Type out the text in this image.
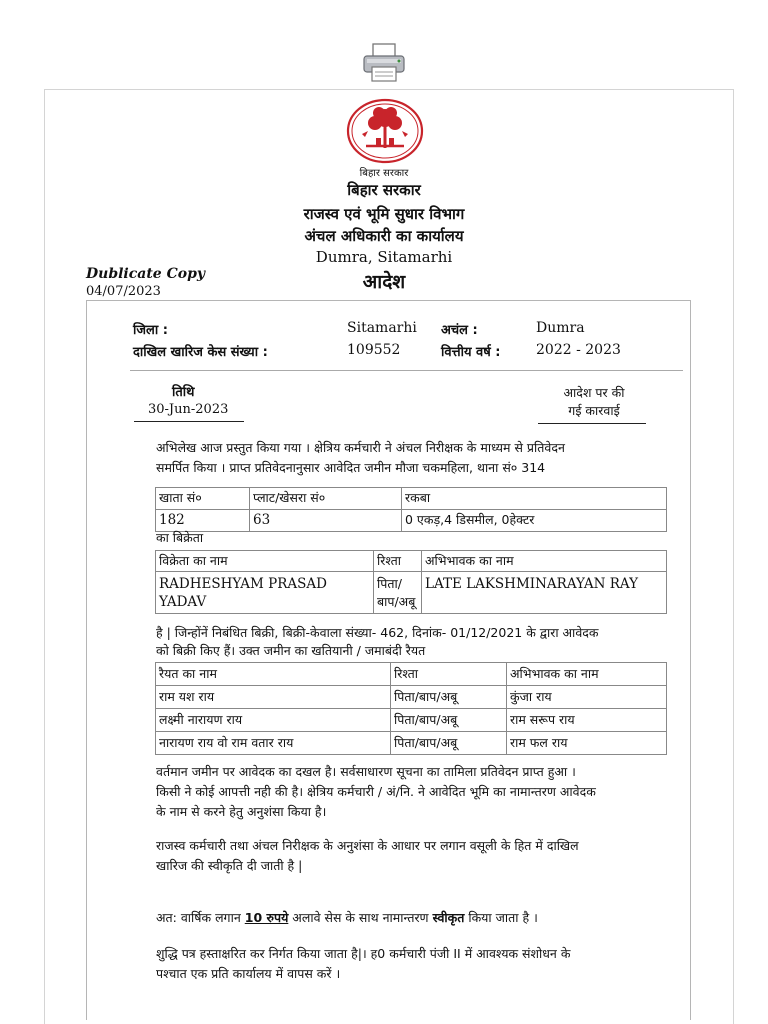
बिहार सरकार
बिहार सरकार
राजस्व एवं भूमि सुधार विभाग
अंचल अधिकारी का कार्यालय
Dumra, Sitamarhi
आदेश
Dublicate Copy
04/07/2023
जिला :	Sitamarhi अचंल :	Dumra
दाखिल खारिज केस संख्या :	109552	वित्तीय वर्ष :	2022 - 2023
तिथि
30-Jun-2023
आदेश पर की
गई कारवाई
अभिलेख आज प्रस्तुत किया गया । क्षेत्रिय कर्मचारी ने अंचल निरीक्षक के माध्यम से प्रतिवेदन
समर्पित किया । प्राप्त प्रतिवेदनानुसार आवेदित जमीन मौजा चकमहिला, थाना सं० 314
खाता सं०	प्लाट/खेसरा सं०	रकबा
182	63	0 एकड़,4 डिसमील, 0हेक्टर
का बिक्रेता
विक्रेता का नाम	रिश्ता	अभिभावक का नाम
RADHESHYAM PRASAD YADAV	पिता/बाप/अबू	LATE LAKSHMINARAYAN RAY
है | जिन्होंनें निबंधित बिक्री, बिक्री-केवाला संख्या- 462, दिनांक- 01/12/2021 के द्वारा आवेदक
को बिक्री किए हैं। उक्त जमीन का खतियानी / जमाबंदी रैयत
रैयत का नाम	रिश्ता	अभिभावक का नाम
राम यश राय	पिता/बाप/अबू	कुंजा राय
लक्ष्मी नारायण राय	पिता/बाप/अबू	राम सरूप राय
नारायण राय वो राम वतार राय	पिता/बाप/अबू	राम फल राय
वर्तमान जमीन पर आवेदक का दखल है। सर्वसाधारण सूचना का तामिला प्रतिवेदन प्राप्त हुआ ।
किसी ने कोई आपत्ती नही की है। क्षेत्रिय कर्मचारी / अं/नि. ने आवेदित भूमि का नामान्तरण आवेदक
के नाम से करने हेतु अनुशंसा किया है।
राजस्व कर्मचारी तथा अंचल निरीक्षक के अनुशंसा के आधार पर लगान वसूली के हित में दाखिल
खारिज की स्वीकृति दी जाती है |
अत: वार्षिक लगान 10 रुपये अलावे सेस के साथ नामान्तरण स्वीकृत किया जाता है ।
शुद्धि पत्र हस्ताक्षरित कर निर्गत किया जाता है|। ह0 कर्मचारी पंजी II में आवश्यक संशोधन के
पश्चात एक प्रति कार्यालय में वापस करें ।
